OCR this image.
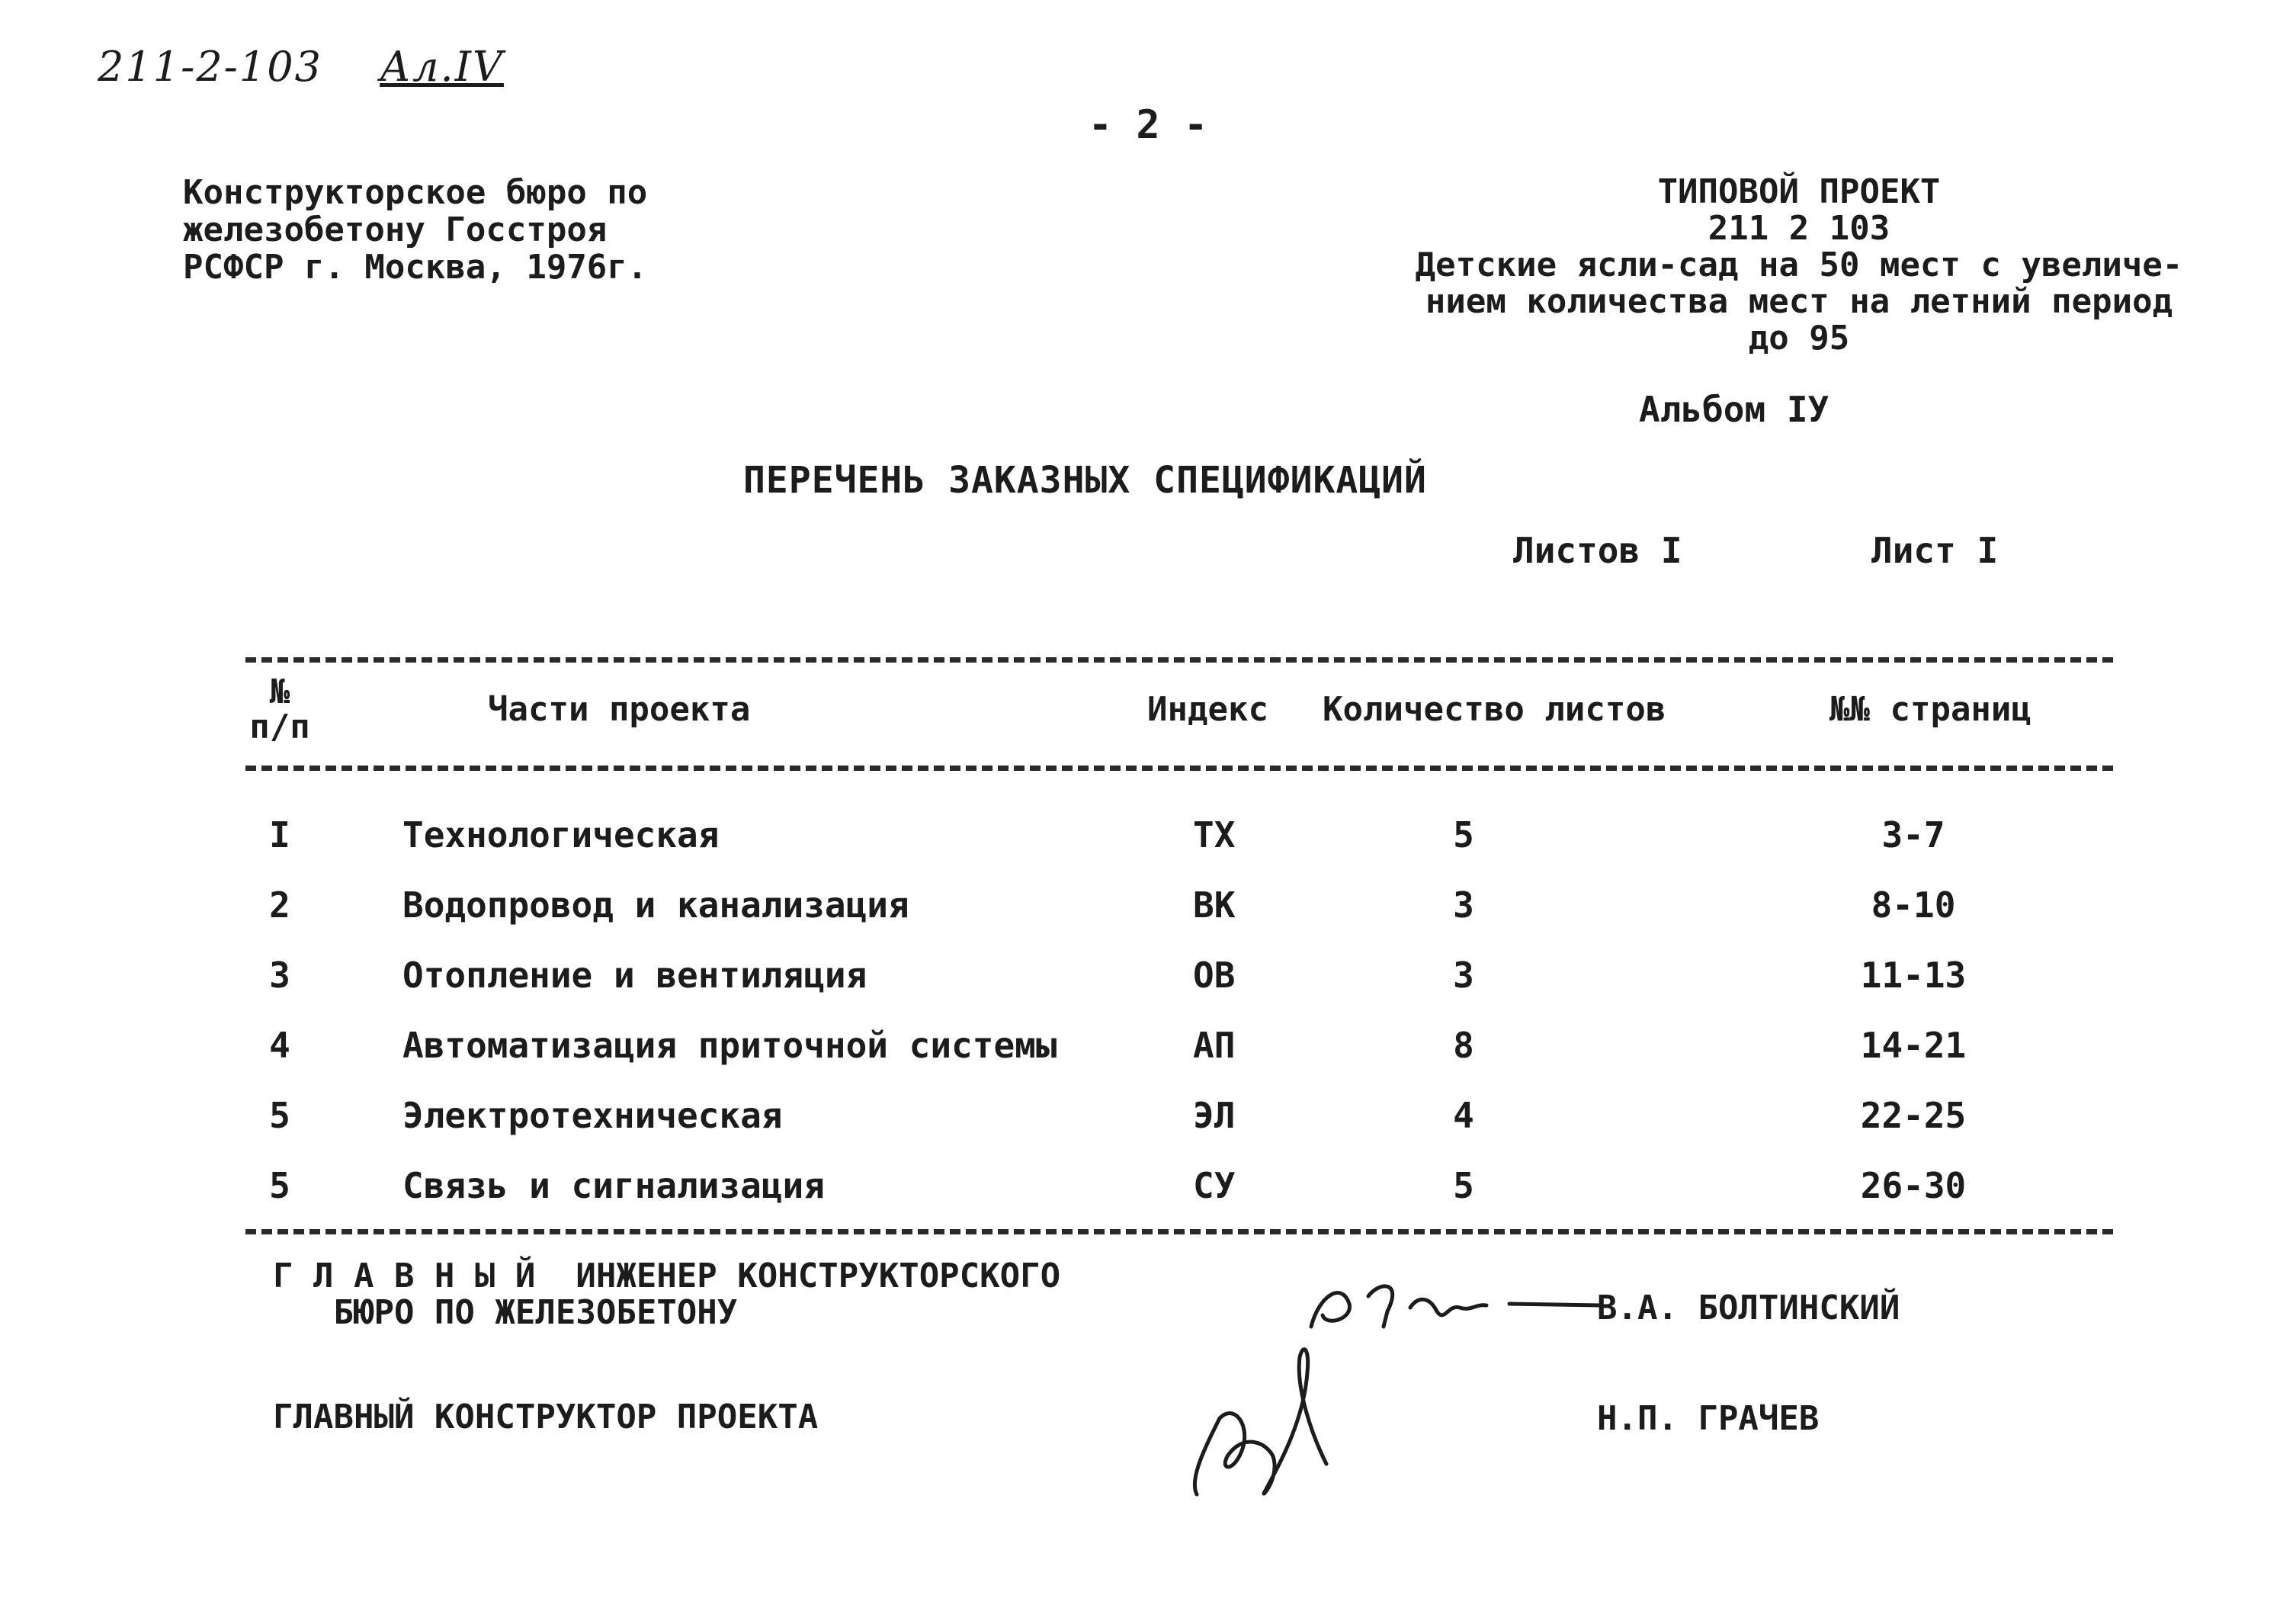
211-2-103 Ал.IV
- 2 -
Конструкторское бюро по
железобетону Госстроя
РСФСР г. Москва, 1976г.
ТИПОВОЙ ПРОЕКТ
211 2 103
Детские ясли-сад на 50 мест с увеличе-
нием количества мест на летний период
до 95
Альбом IУ
ПЕРЕЧЕНЬ ЗАКАЗНЫХ СПЕЦИФИКАЦИЙ
Листов I	Лист I
№
п/п	Части проекта	Индекс Количество листов	№№ страниц
I	Технологическая	ТХ	5	3-7
2	Водопровод и канализация	ВК	3	8-10
3	Отопление и вентиляция	ОВ	3	11-13
4	Автоматизация приточной системы	АП	8	14-21
5	Электротехническая	ЭЛ	4	22-25
5	Связь и сигнализация	СУ	5	26-30
Г Л А В Н Ы Й  ИНЖЕНЕР КОНСТРУКТОРСКОГО
БЮРО ПО ЖЕЛЕЗОБЕТОНУ	В.А. БОЛТИНСКИЙ
ГЛАВНЫЙ КОНСТРУКТОР ПРОЕКТА	Н.П. ГРАЧЕВ
